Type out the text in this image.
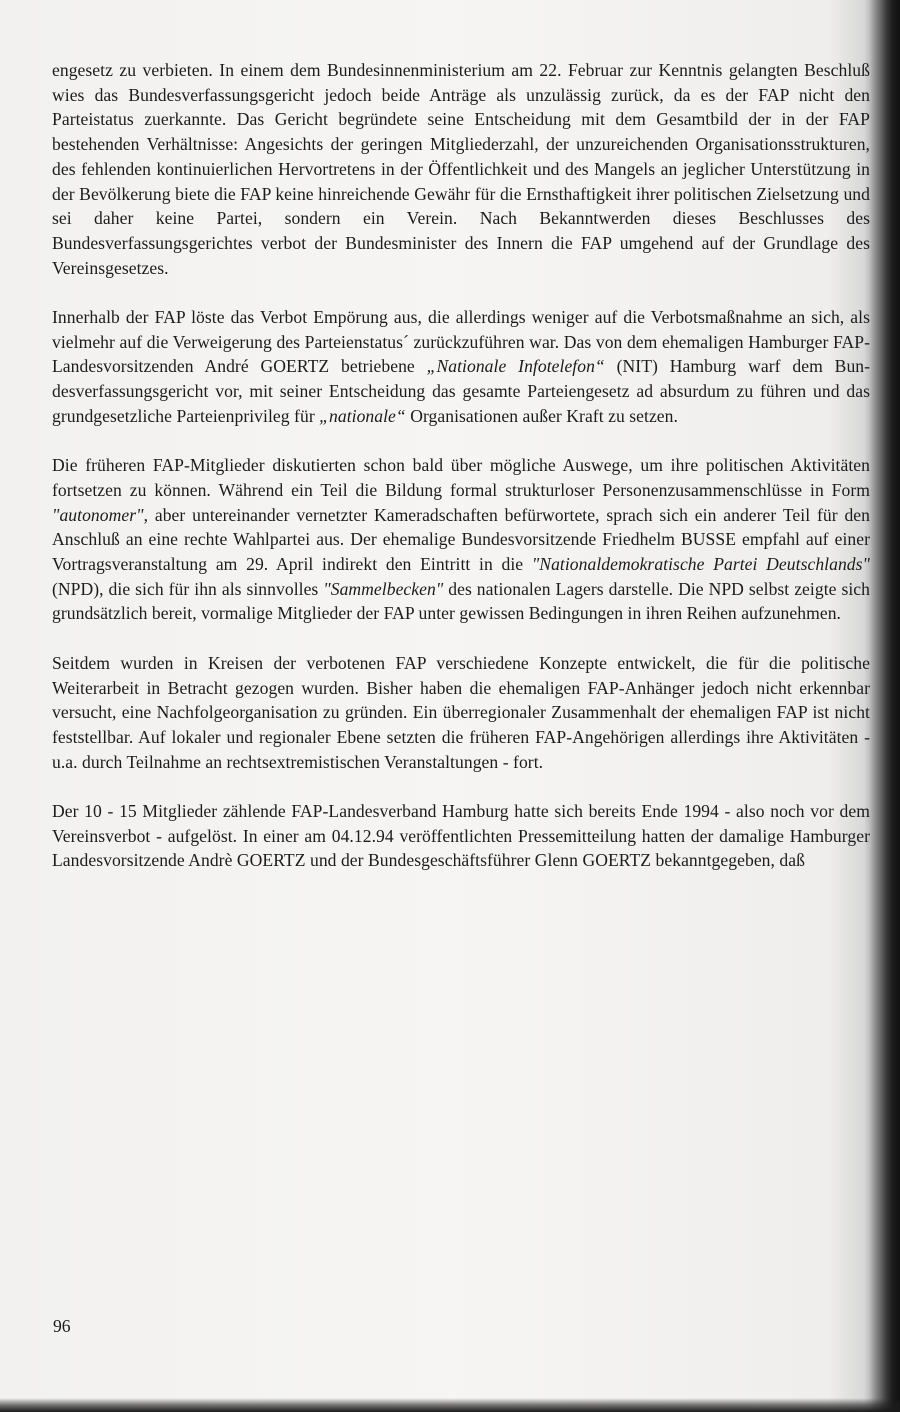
engesetz zu verbieten. In einem dem Bundesinnenministerium am 22. Februar zur Kenntnis gelangten Beschluß wies das Bundesverfassungsgericht jedoch beide Anträge als unzulässig zurück, da es der FAP nicht den Parteistatus zuerkannte. Das Gericht begründete seine Entscheidung mit dem Gesamtbild der in der FAP bestehenden Verhältnisse: Angesichts der geringen Mitgliederzahl, der unzureichenden Organisationsstrukturen, des fehlenden kontinuierlichen Hervortretens in der Öffentlichkeit und des Mangels an jeglicher Unterstützung in der Bevölkerung biete die FAP keine hinreichende Gewähr für die Ernsthaftigkeit ihrer politischen Zielsetzung und sei daher keine Partei, sondern ein Verein. Nach Bekanntwerden dieses Beschlusses des Bundesverfassungsgerichtes verbot der Bundesminister des Innern die FAP umgehend auf der Grundlage des Vereinsgesetzes.

Innerhalb der FAP löste das Verbot Empörung aus, die allerdings weniger auf die Verbotsmaßnahme an sich, als vielmehr auf die Verweigerung des Parteienstatus´ zurückzuführen war. Das von dem ehemaligen Hamburger FAP-Landesvorsitzenden André GOERTZ betriebene „Nationale Infotelefon“ (NIT) Hamburg warf dem Bundesverfassungsgericht vor, mit seiner Entscheidung das gesamte Parteiengesetz ad absurdum zu führen und das grundgesetzliche Parteienprivileg für „nationale“ Organisationen außer Kraft zu setzen.

Die früheren FAP-Mitglieder diskutierten schon bald über mögliche Auswege, um ihre politischen Aktivitäten fortsetzen zu können. Während ein Teil die Bildung formal strukturloser Personenzusammenschlüsse in Form "autonomer", aber untereinander vernetzter Kameradschaften befürwortete, sprach sich ein anderer Teil für den Anschluß an eine rechte Wahlpartei aus. Der ehemalige Bundesvorsitzende Friedhelm BUSSE empfahl auf einer Vortragsveranstaltung am 29. April indirekt den Eintritt in die "Nationaldemokratische Partei Deutschlands" (NPD), die sich für ihn als sinnvolles "Sammelbecken" des nationalen Lagers darstelle. Die NPD selbst zeigte sich grundsätzlich bereit, vormalige Mitglieder der FAP unter gewissen Bedingungen in ihren Reihen aufzunehmen.

Seitdem wurden in Kreisen der verbotenen FAP verschiedene Konzepte entwickelt, die für die politische Weiterarbeit in Betracht gezogen wurden. Bisher haben die ehemaligen FAP-Anhänger jedoch nicht erkennbar versucht, eine Nachfolgeorganisation zu gründen. Ein überregionaler Zusammenhalt der ehemaligen FAP ist nicht feststellbar. Auf lokaler und regionaler Ebene setzten die früheren FAP-Angehörigen allerdings ihre Aktivitäten - u.a. durch Teilnahme an rechtsextremistischen Veranstaltungen - fort.

Der 10 - 15 Mitglieder zählende FAP-Landesverband Hamburg hatte sich bereits Ende 1994 - also noch vor dem Vereinsverbot - aufgelöst. In einer am 04.12.94 veröffentlichten Pressemitteilung hatten der damalige Hamburger Landesvorsitzende Andrè GOERTZ und der Bundesgeschäftsführer Glenn GOERTZ bekanntgegeben, daß

96
